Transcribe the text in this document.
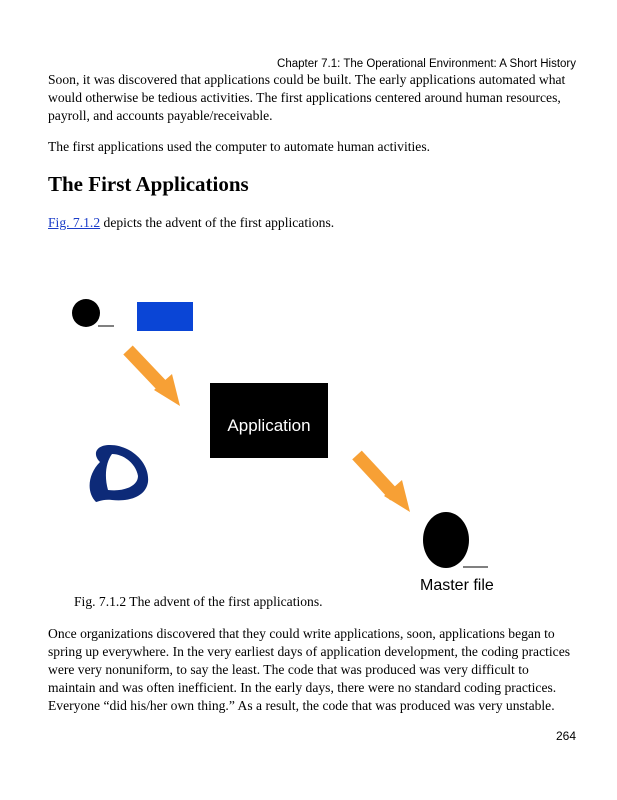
Chapter 7.1: The Operational Environment: A Short History

Soon, it was discovered that applications could be built. The early applications automated what would otherwise be tedious activities. The first applications centered around human resources, payroll, and accounts payable/receivable.

The first applications used the computer to automate human activities.

The First Applications

Fig. 7.1.2 depicts the advent of the first applications.

Application
Master file

Fig. 7.1.2 The advent of the first applications.

Once organizations discovered that they could write applications, soon, applications began to spring up everywhere. In the very earliest days of application development, the coding practices were very nonuniform, to say the least. The code that was produced was very difficult to maintain and was often inefficient. In the early days, there were no standard coding practices. Everyone “did his/her own thing.” As a result, the code that was produced was very unstable.

264
